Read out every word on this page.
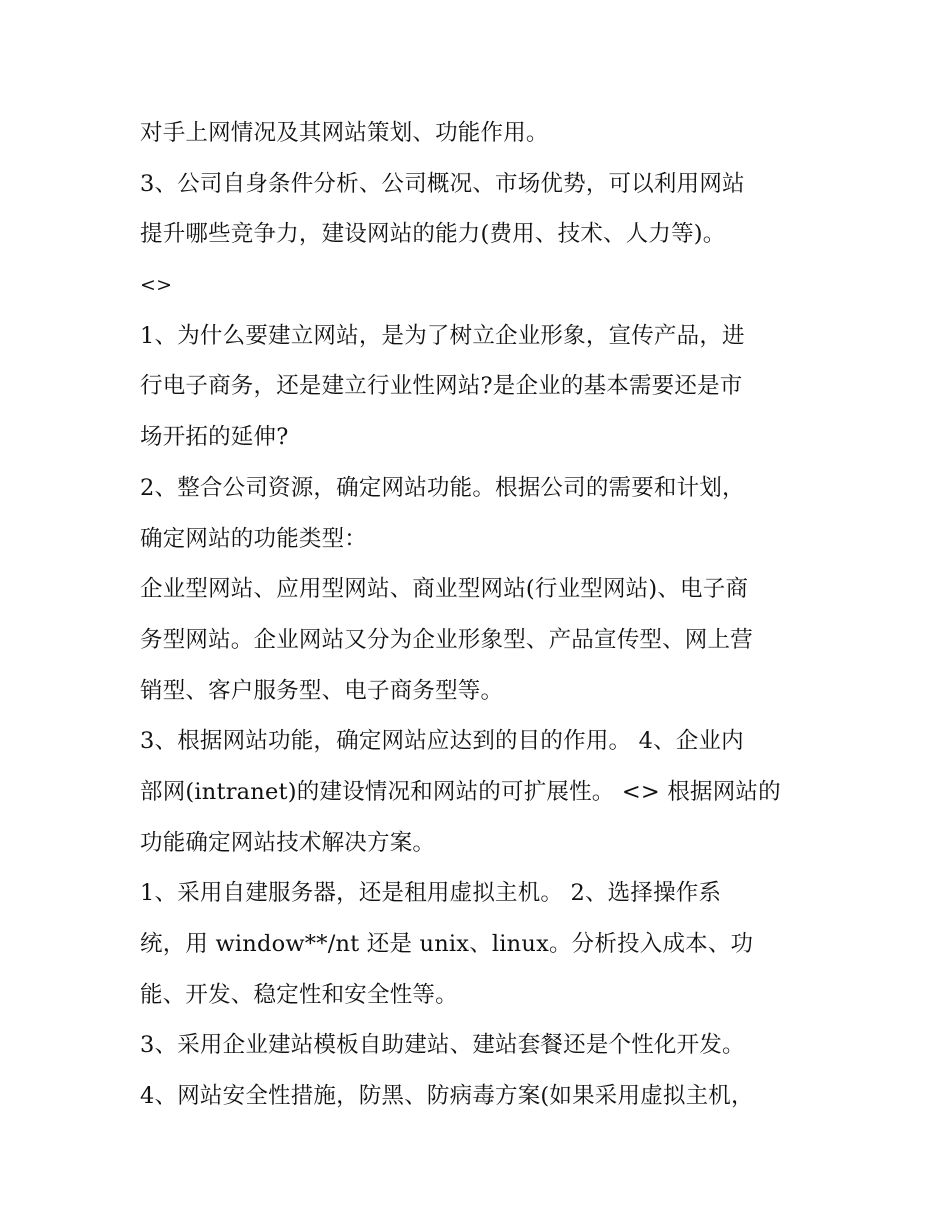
对手上网情况及其网站策划、功能作用。
3、公司自身条件分析、公司概况、市场优势，可以利用网站
提升哪些竞争力，建设网站的能力(费用、技术、人力等)。
<>
1、为什么要建立网站，是为了树立企业形象，宣传产品，进
行电子商务，还是建立行业性网站?是企业的基本需要还是市
场开拓的延伸?
2、整合公司资源，确定网站功能。根据公司的需要和计划，
确定网站的功能类型：
企业型网站、应用型网站、商业型网站(行业型网站)、电子商
务型网站。企业网站又分为企业形象型、产品宣传型、网上营
销型、客户服务型、电子商务型等。
3、根据网站功能，确定网站应达到的目的作用。 4、企业内
部网(intranet)的建设情况和网站的可扩展性。 <> 根据网站的
功能确定网站技术解决方案。
1、采用自建服务器，还是租用虚拟主机。 2、选择操作系
统，用 window**/nt 还是 unix、linux。分析投入成本、功
能、开发、稳定性和安全性等。
3、采用企业建站模板自助建站、建站套餐还是个性化开发。
4、网站安全性措施，防黑、防病毒方案(如果采用虚拟主机，
